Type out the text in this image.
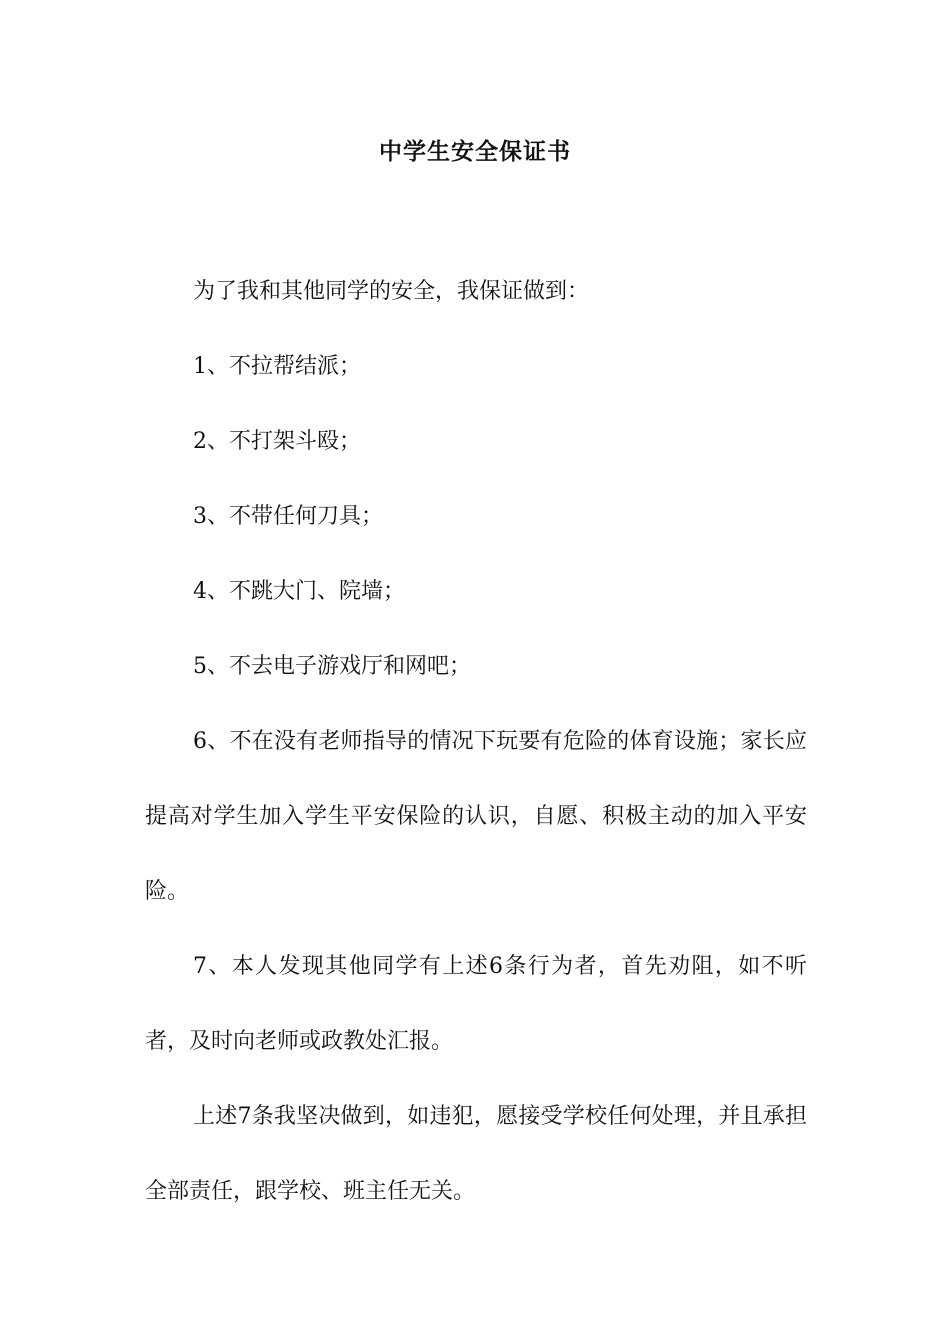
中学生安全保证书

为了我和其他同学的安全，我保证做到：

1、不拉帮结派；

2、不打架斗殴；

3、不带任何刀具；

4、不跳大门、院墙；

5、不去电子游戏厅和网吧；

6、不在没有老师指导的情况下玩要有危险的体育设施；家长应提高对学生加入学生平安保险的认识，自愿、积极主动的加入平安险。

7、本人发现其他同学有上述6条行为者，首先劝阻，如不听者，及时向老师或政教处汇报。

上述7条我坚决做到，如违犯，愿接受学校任何处理，并且承担全部责任，跟学校、班主任无关。
